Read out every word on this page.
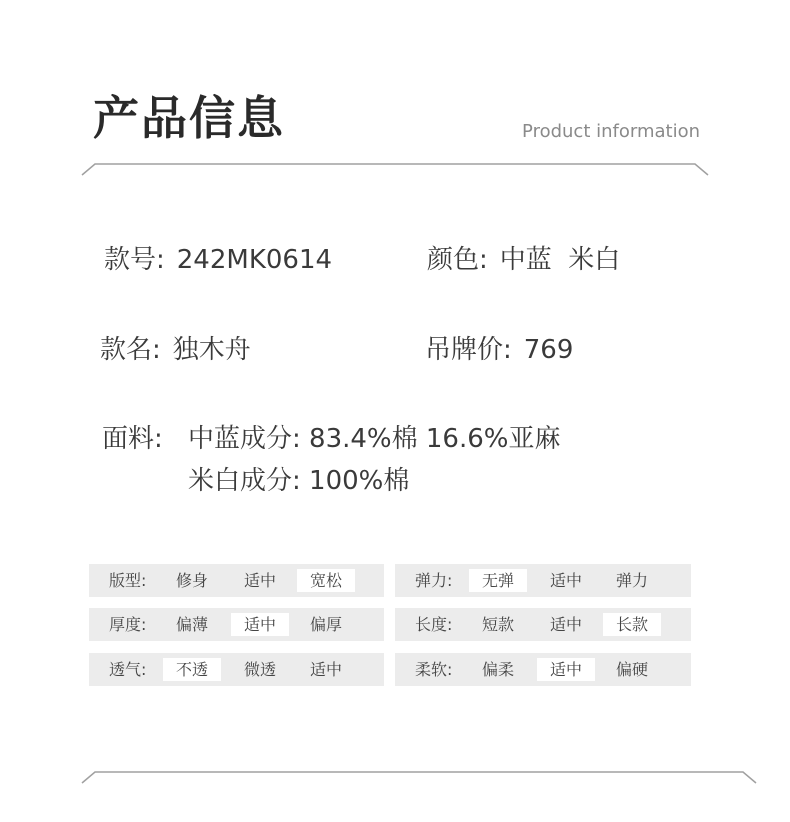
产品信息	Product information
款号: 242MK0614	颜色: 中蓝  米白
款名: 独木舟	吊牌价: 769
面料: 中蓝成分: 83.4%棉 16.6%亚麻
米白成分: 100%棉
版型:	修身	适中	宽松
厚度:	偏薄	适中	偏厚
透气:	不透	微透	适中
弹力:	无弹	适中	弹力
长度:	短款	适中	长款
柔软:	偏柔	适中	偏硬
